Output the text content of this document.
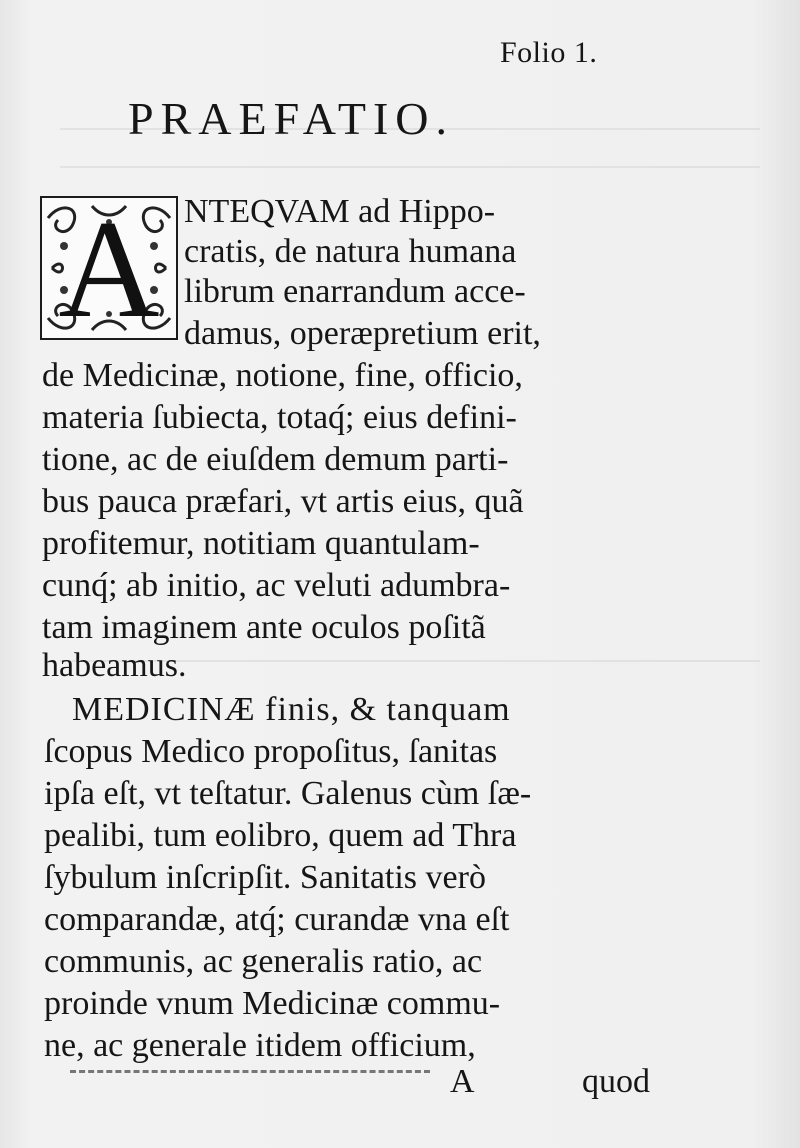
Folio 1.
PRAEFATIO.
A NTEQVAM ad Hippo-
cratis, de natura humana
librum enarrandum acce-
damus, operæpretium erit,
de Medicinæ, notione, fine, officio,
materia ſubiecta, totaq́; eius defini-
tione, ac de eiuſdem demum parti-
bus pauca præfari, vt artis eius, quã
profitemur, notitiam quantulam-
cunq́; ab initio, ac veluti adumbra-
tam imaginem ante oculos poſitã
habeamus.
MEDICINÆ finis, & tanquam
ſcopus Medico propoſitus, ſanitas
ipſa eſt, vt teſtatur. Galenus cùm ſæ-
pealibi, tum eolibro, quem ad Thra
ſybulum inſcripſit. Sanitatis verò
comparandæ, atq́; curandæ vna eſt
communis, ac generalis ratio, ac
proinde vnum Medicinæ commu-
ne, ac generale itidem officium,
A	quod
